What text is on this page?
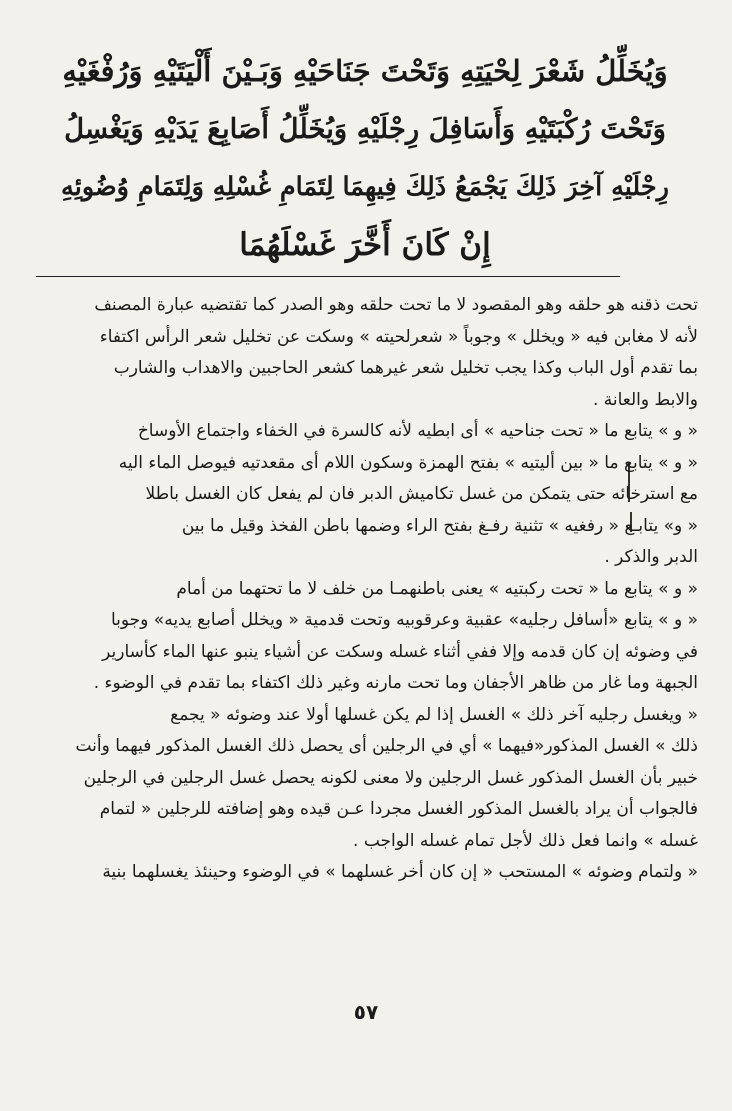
وَيُخَلِّلُ شَعْرَ لِحْيَتِهِ وَتَحْتَ جَنَاحَيْهِ وَبَـيْنَ أَلْيَتَيْهِ وَرُفْغَيْهِ
وَتَحْتَ رُكْبَتَيْهِ وَأَسَافِلَ رِجْلَيْهِ وَيُخَلِّلُ أَصَابِعَ يَدَيْهِ وَيَغْسِلُ
رِجْلَيْهِ آخِرَ ذَلِكَ يَجْمَعُ ذَلِكَ فِيهِمَا لِتَمَامِ غُسْلِهِ وَلِتَمَامِ وُضُوئِهِ
إِنْ كَانَ أَخَّرَ غَسْلَهُمَا
تحت ذقنه هو حلقه وهو المقصود لا ما تحت حلقه وهو الصدر كما تقتضيه عبارة المصنف
لأنه لا مغابن فيه « ويخلل » وجوباً « شعرلحيته » وسكت عن تخليل شعر الرأس اكتفاء
بما تقدم أول الباب وكذا يجب تخليل شعر غيرهما كشعر الحاجبين والاهداب والشارب
والابط والعانة .
« و » يتابع ما « تحت جناحيه » أى ابطيه لأنه كالسرة في الخفاء واجتماع الأوساخ
« و » يتابع ما « بين أليتيه » بفتح الهمزة وسكون اللام أى مقعدتيه فيوصل الماء اليه
مع استرخائه حتى يتمكن من غسل تكاميش الدبر فان لم يفعل كان الغسل باطلا
« و» يتابـع « رفغيه » تثنية رفـغ بفتح الراء وضمها باطن الفخذ وقيل ما بين
الدبر والذكر .
« و » يتابع ما « تحت ركبتيه » يعنى باطنهمـا من خلف لا ما تحتهما من أمام
« و » يتابع «أسافل رجليه» عقبية وعرقوبيه وتحت قدمية « ويخلل أصابع يديه» وجوبا
في وضوئه إن كان قدمه وإلا ففي أثناء غسله وسكت عن أشياء ينبو عنها الماء كأسارير
الجبهة وما غار من ظاهر الأجفان وما تحت مارنه وغير ذلك اكتفاء بما تقدم في الوضوء .
« ويغسل رجليه آخر ذلك » الغسل إذا لم يكن غسلها أولا عند وضوئه « يجمع
ذلك » الغسل المذكور«فيهما » أي في الرجلين أى يحصل ذلك الغسل المذكور فيهما وأنت
خبير بأن الغسل المذكور غسل الرجلين ولا معنى لكونه يحصل غسل الرجلين في الرجلين
فالجواب أن يراد بالغسل المذكور الغسل مجردا عـن قيده وهو إضافته للرجلين « لتمام
غسله » وانما فعل ذلك لأجل تمام غسله الواجب .
« ولتمام وضوئه » المستحب « إن كان أخر غسلهما » في الوضوء وحينئذ يغسلهما بنية
٥٧
